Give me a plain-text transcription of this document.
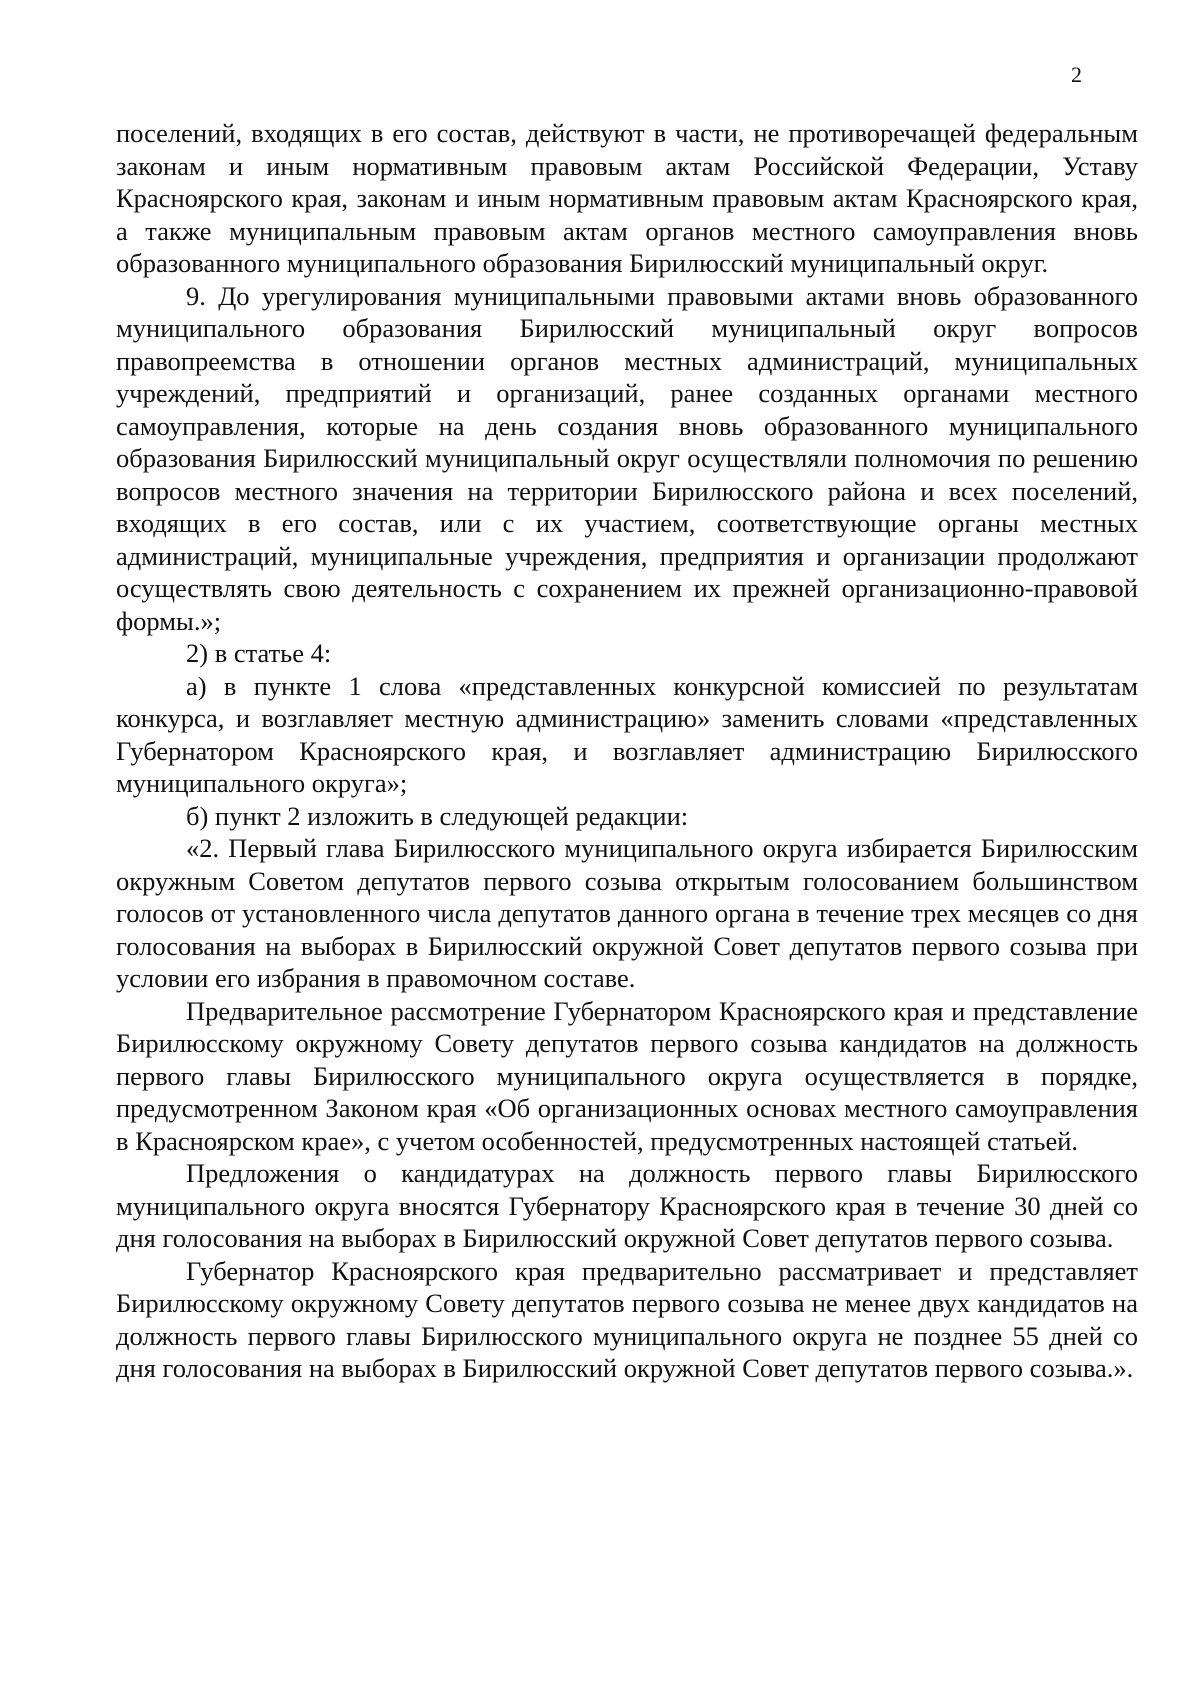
2

поселений, входящих в его состав, действуют в части, не противоречащей федеральным законам и иным нормативным правовым актам Российской Федерации, Уставу Красноярского края, законам и иным нормативным правовым актам Красноярского края, а также муниципальным правовым актам органов местного самоуправления вновь образованного муниципального образования Бирилюсский муниципальный округ.

9. До урегулирования муниципальными правовыми актами вновь образованного муниципального образования Бирилюсский муниципальный округ вопросов правопреемства в отношении органов местных администраций, муниципальных учреждений, предприятий и организаций, ранее созданных органами местного самоуправления, которые на день создания вновь образованного муниципального образования Бирилюсский муниципальный округ осуществляли полномочия по решению вопросов местного значения на территории Бирилюсского района и всех поселений, входящих в его состав, или с их участием, соответствующие органы местных администраций, муниципальные учреждения, предприятия и организации продолжают осуществлять свою деятельность с сохранением их прежней организационно-правовой формы.»;

2) в статье 4:

а) в пункте 1 слова «представленных конкурсной комиссией по результатам конкурса, и возглавляет местную администрацию» заменить словами «представленных Губернатором Красноярского края, и возглавляет администрацию Бирилюсского муниципального округа»;

б) пункт 2 изложить в следующей редакции:

«2. Первый глава Бирилюсского муниципального округа избирается Бирилюсским окружным Советом депутатов первого созыва открытым голосованием большинством голосов от установленного числа депутатов данного органа в течение трех месяцев со дня голосования на выборах в Бирилюсский окружной Совет депутатов первого созыва при условии его избрания в правомочном составе.

Предварительное рассмотрение Губернатором Красноярского края и представление Бирилюсскому окружному Совету депутатов первого созыва кандидатов на должность первого главы Бирилюсского муниципального округа осуществляется в порядке, предусмотренном Законом края «Об организационных основах местного самоуправления в Красноярском крае», с учетом особенностей, предусмотренных настоящей статьей.

Предложения о кандидатурах на должность первого главы Бирилюсского муниципального округа вносятся Губернатору Красноярского края в течение 30 дней со дня голосования на выборах в Бирилюсский окружной Совет депутатов первого созыва.

Губернатор Красноярского края предварительно рассматривает и представляет Бирилюсскому окружному Совету депутатов первого созыва не менее двух кандидатов на должность первого главы Бирилюсского муниципального округа не позднее 55 дней со дня голосования на выборах в Бирилюсский окружной Совет депутатов первого созыва.».
